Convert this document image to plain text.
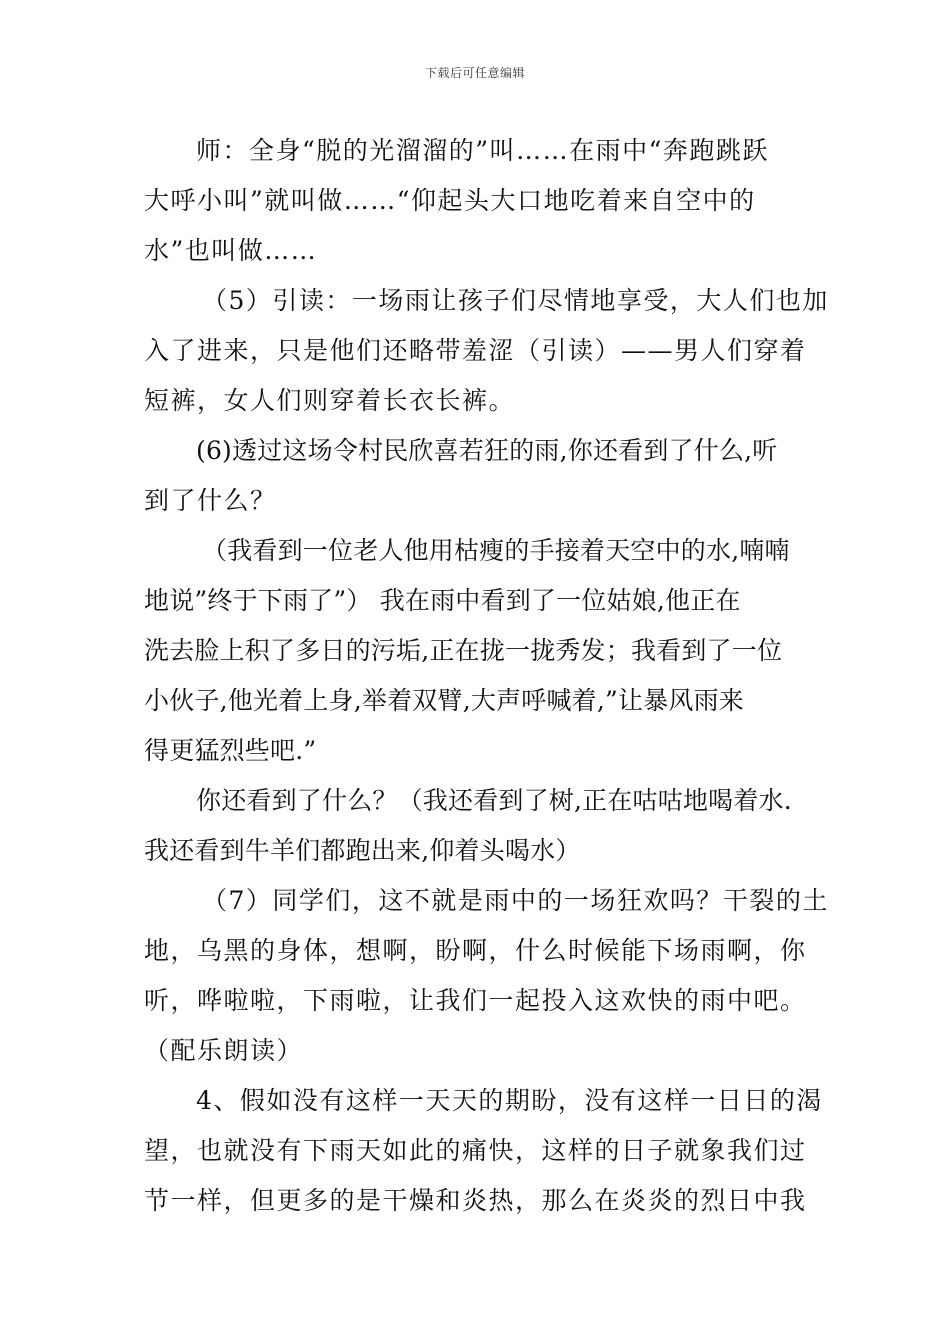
下载后可任意编辑
师：全身“脱的光溜溜的”叫……在雨中“奔跑跳跃
大呼小叫”就叫做……“仰起头大口地吃着来自空中的
水”也叫做……
（5）引读：一场雨让孩子们尽情地享受，大人们也加
入了进来，只是他们还略带羞涩（引读）——男人们穿着
短裤，女人们则穿着长衣长裤。
(6)透过这场令村民欣喜若狂的雨,你还看到了什么,听
到了什么？
（我看到一位老人他用枯瘦的手接着天空中的水,喃喃
地说”终于下雨了”） 我在雨中看到了一位姑娘,他正在
洗去脸上积了多日的污垢,正在拢一拢秀发；我看到了一位
小伙子,他光着上身,举着双臂,大声呼喊着,”让暴风雨来
得更猛烈些吧.”
你还看到了什么？（我还看到了树,正在咕咕地喝着水.
我还看到牛羊们都跑出来,仰着头喝水）
（7）同学们，这不就是雨中的一场狂欢吗？干裂的土
地，乌黑的身体，想啊，盼啊，什么时候能下场雨啊，你
听，哗啦啦，下雨啦，让我们一起投入这欢快的雨中吧。
（配乐朗读）
4、假如没有这样一天天的期盼，没有这样一日日的渴
望，也就没有下雨天如此的痛快，这样的日子就象我们过
节一样，但更多的是干燥和炎热，那么在炎炎的烈日中我
